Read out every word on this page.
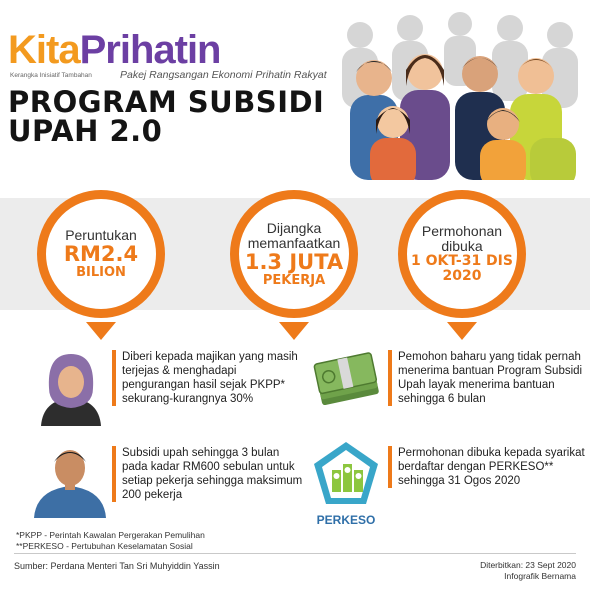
KitaPrihatin
Kerangka Inisiatif Tambahan	Pakej Rangsangan Ekonomi Prihatin Rakyat
PROGRAM SUBSIDI
UPAH 2.0
Peruntukan
RM2.4
BILION
Dijangka
memanfaatkan
1.3 JUTA
PEKERJA
Permohonan
dibuka
1 OKT-31 DIS
2020
PERKESO
Diberi kepada majikan yang masih terjejas & menghadapi pengurangan hasil sejak PKPP* sekurang-kurangnya 30%
Subsidi upah sehingga 3 bulan pada kadar RM600 sebulan untuk setiap pekerja sehingga maksimum 200 pekerja
Pemohon baharu yang tidak pernah menerima bantuan Program Subsidi Upah layak menerima bantuan sehingga 6 bulan
Permohonan dibuka kepada syarikat berdaftar dengan PERKESO** sehingga 31 Ogos 2020
*PKPP - Perintah Kawalan Pergerakan Pemulihan
**PERKESO - Pertubuhan Keselamatan Sosial
Sumber: Perdana Menteri Tan Sri Muhyiddin Yassin	Diterbitkan: 23 Sept 2020
Infografik Bernama
